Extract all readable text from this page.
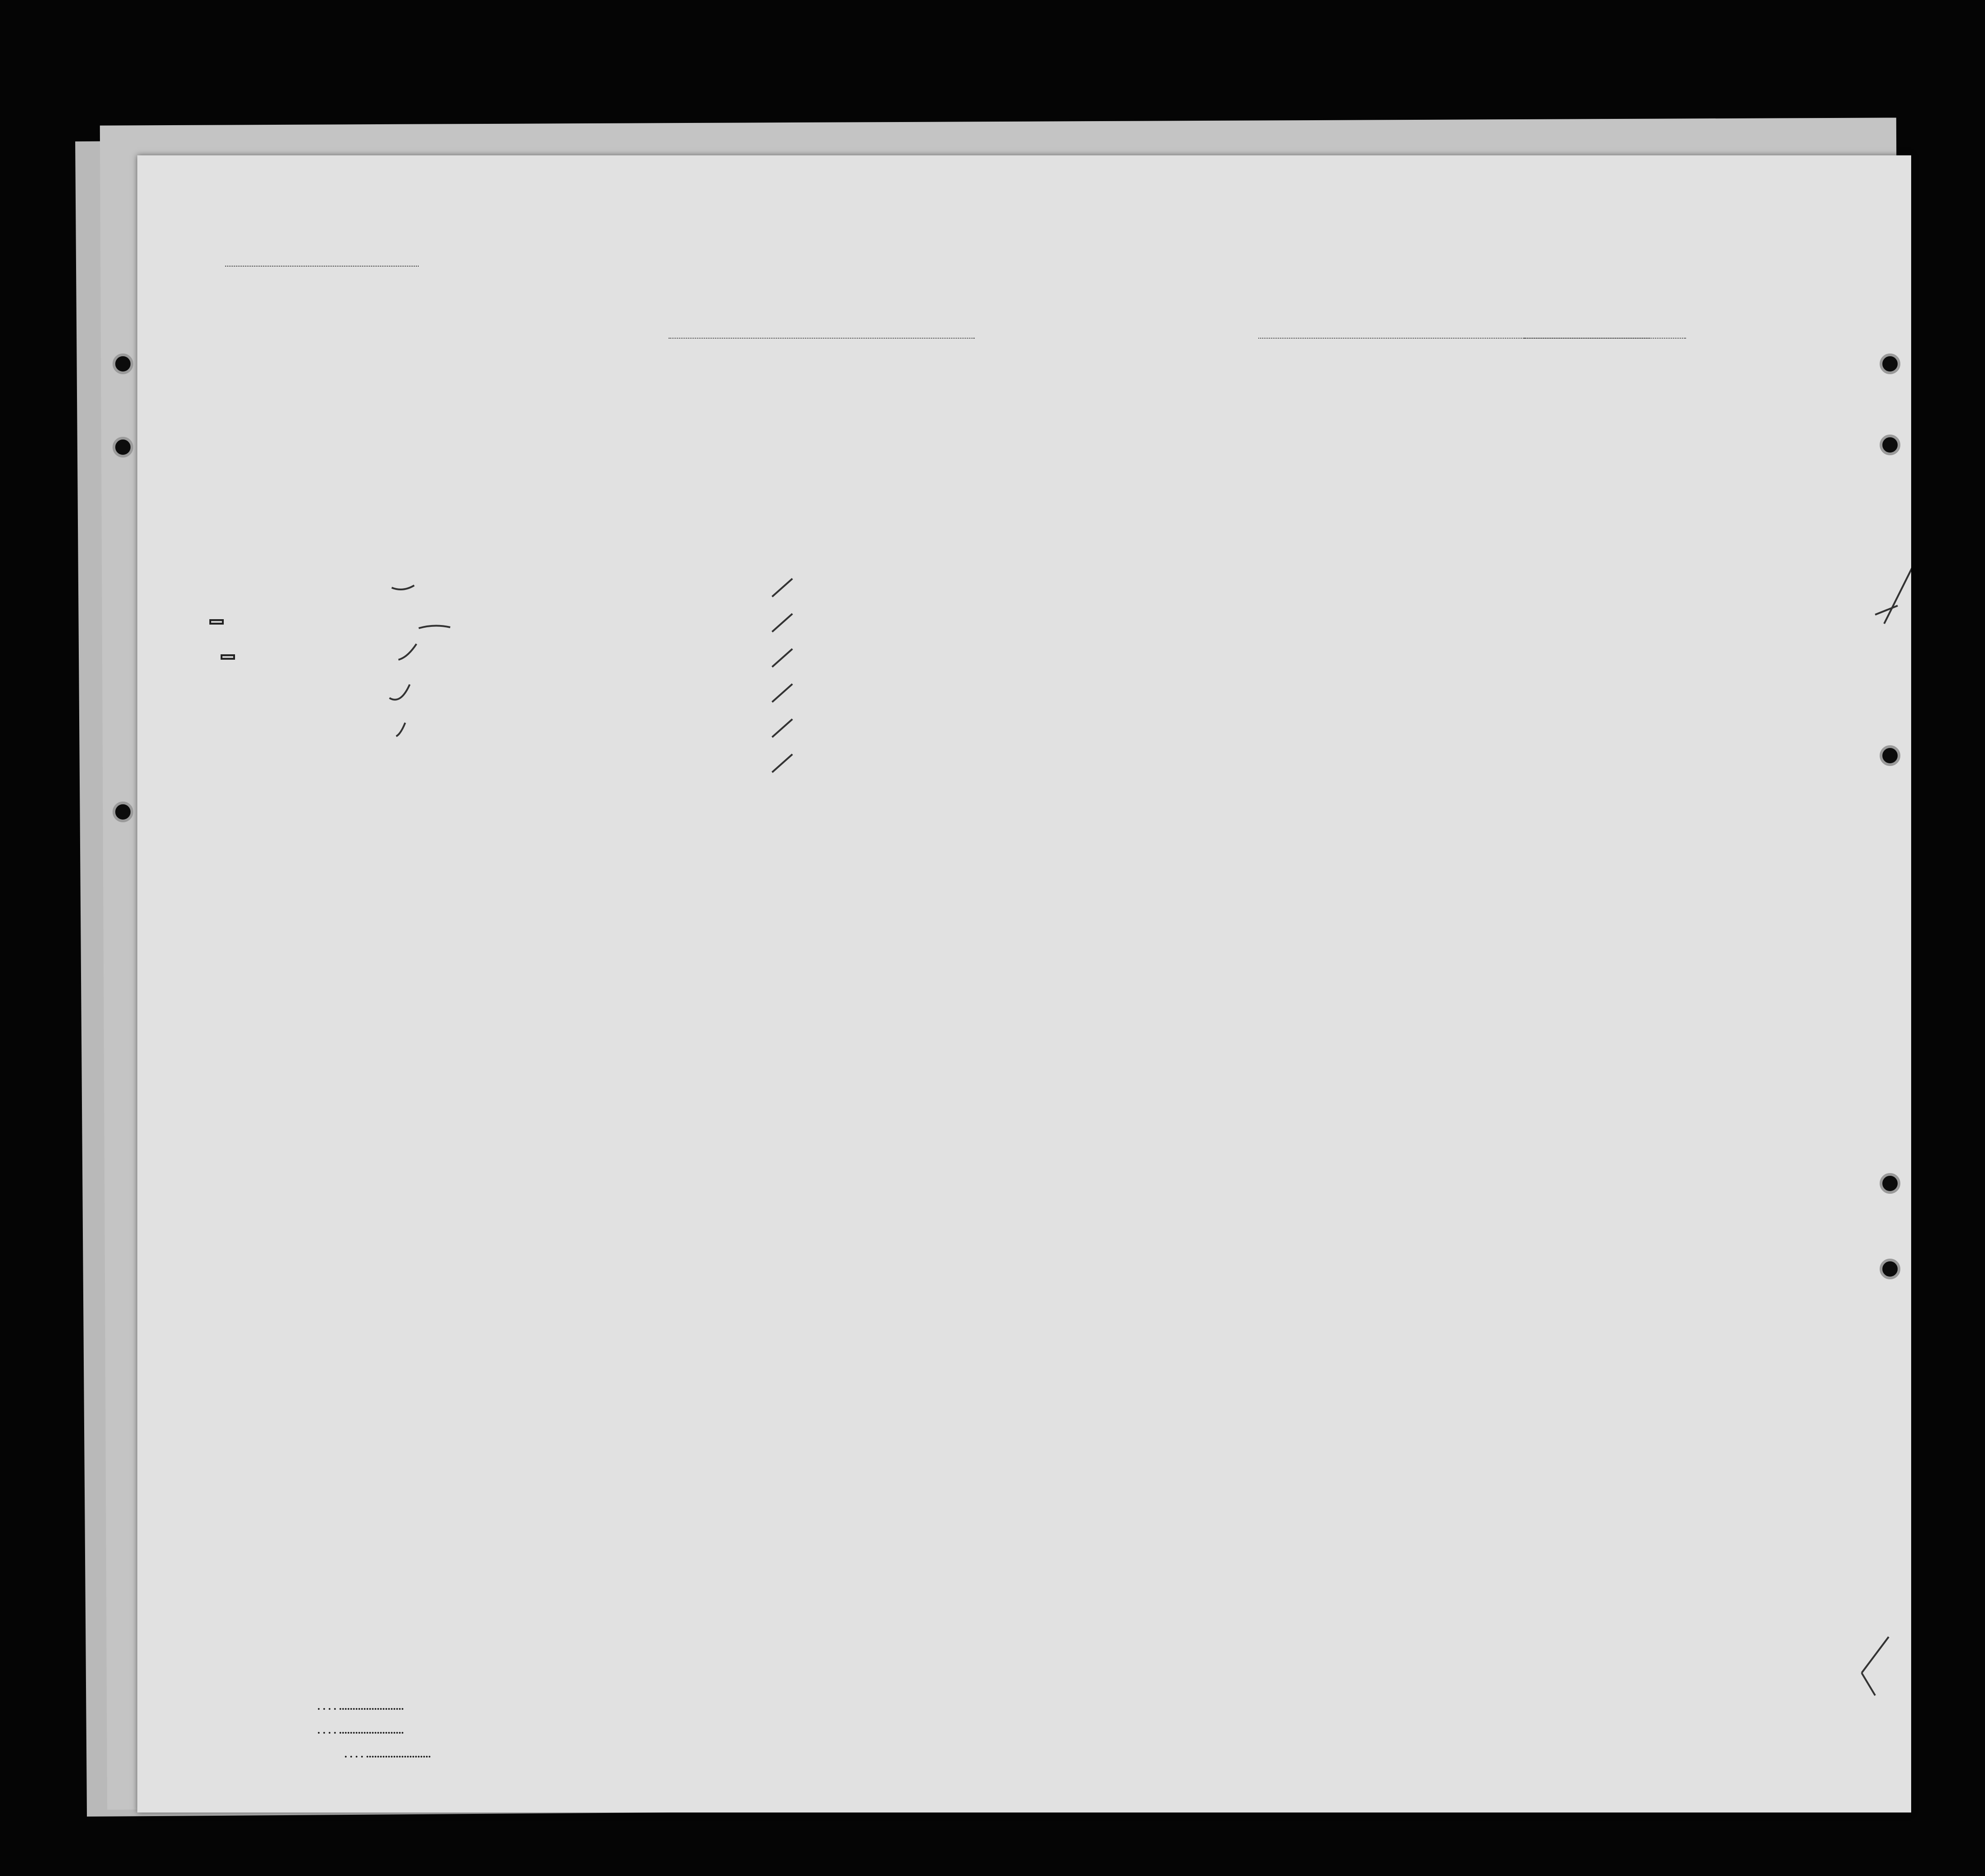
. . . . ........................
. . . . ........................
. . . . ........................
